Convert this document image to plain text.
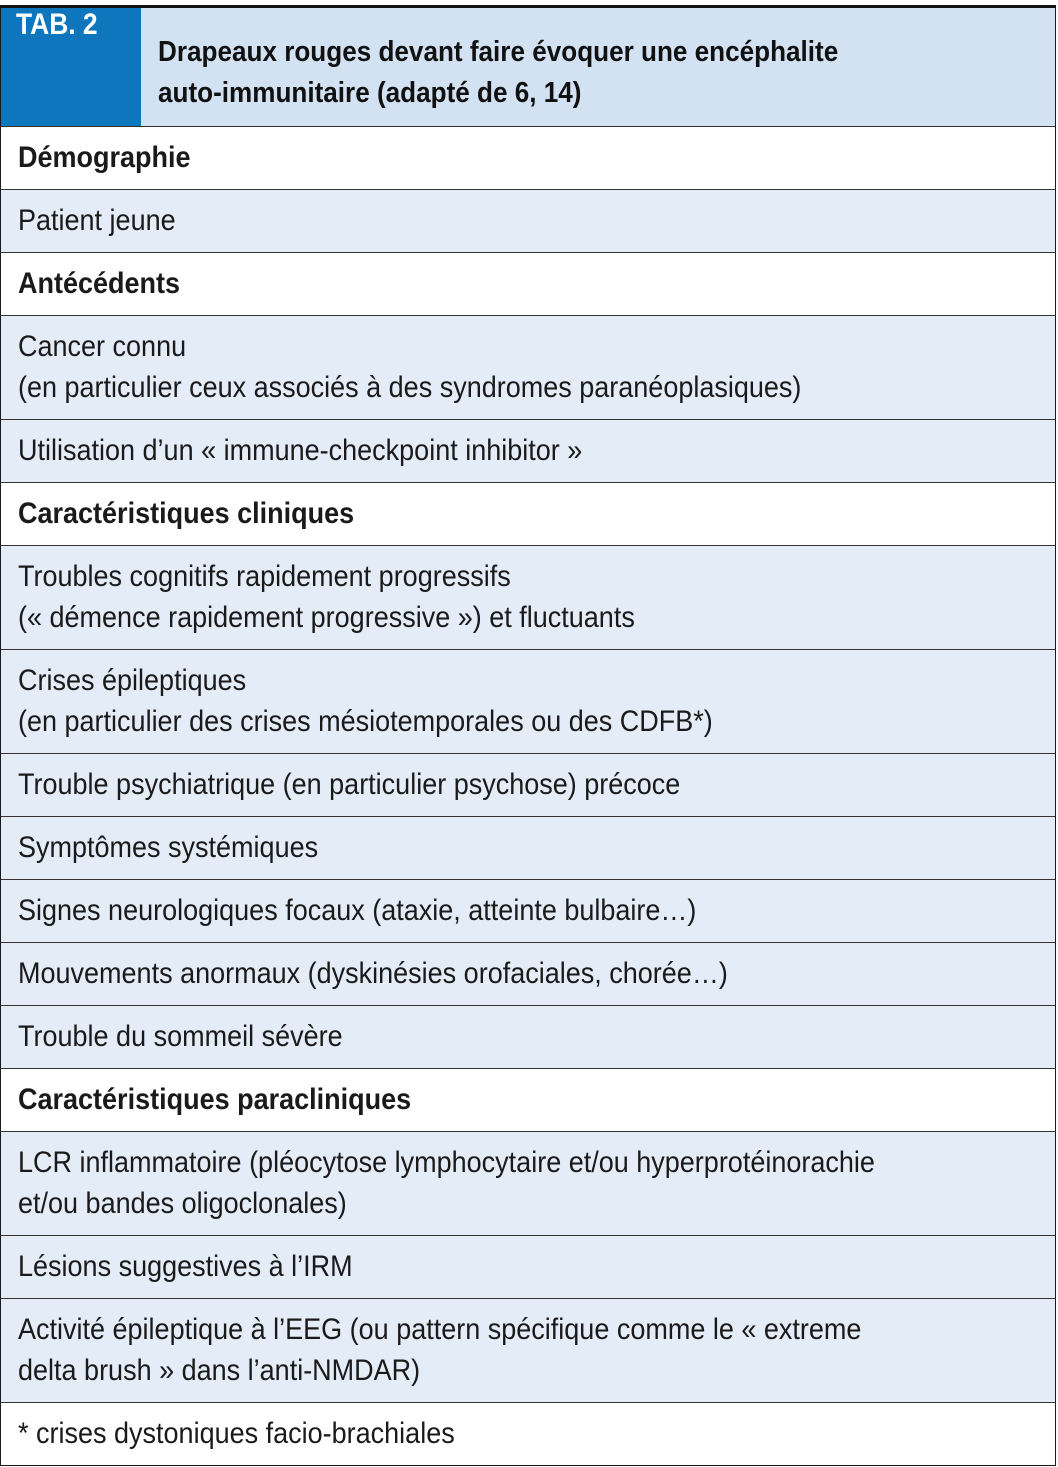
TAB. 2
Drapeaux rouges devant faire évoquer une encéphalite
auto-immunitaire (adapté de 6, 14)
Démographie
Patient jeune
Antécédents
Cancer connu
(en particulier ceux associés à des syndromes paranéoplasiques)
Utilisation d’un « immune-checkpoint inhibitor »
Caractéristiques cliniques
Troubles cognitifs rapidement progressifs
(« démence rapidement progressive ») et fluctuants
Crises épileptiques
(en particulier des crises mésiotemporales ou des CDFB*)
Trouble psychiatrique (en particulier psychose) précoce
Symptômes systémiques
Signes neurologiques focaux (ataxie, atteinte bulbaire…)
Mouvements anormaux (dyskinésies orofaciales, chorée…)
Trouble du sommeil sévère
Caractéristiques paracliniques
LCR inflammatoire (pléocytose lymphocytaire et/ou hyperprotéinorachie
et/ou bandes oligoclonales)
Lésions suggestives à l’IRM
Activité épileptique à l’EEG (ou pattern spécifique comme le « extreme
delta brush » dans l’anti-NMDAR)
* crises dystoniques facio-brachiales
